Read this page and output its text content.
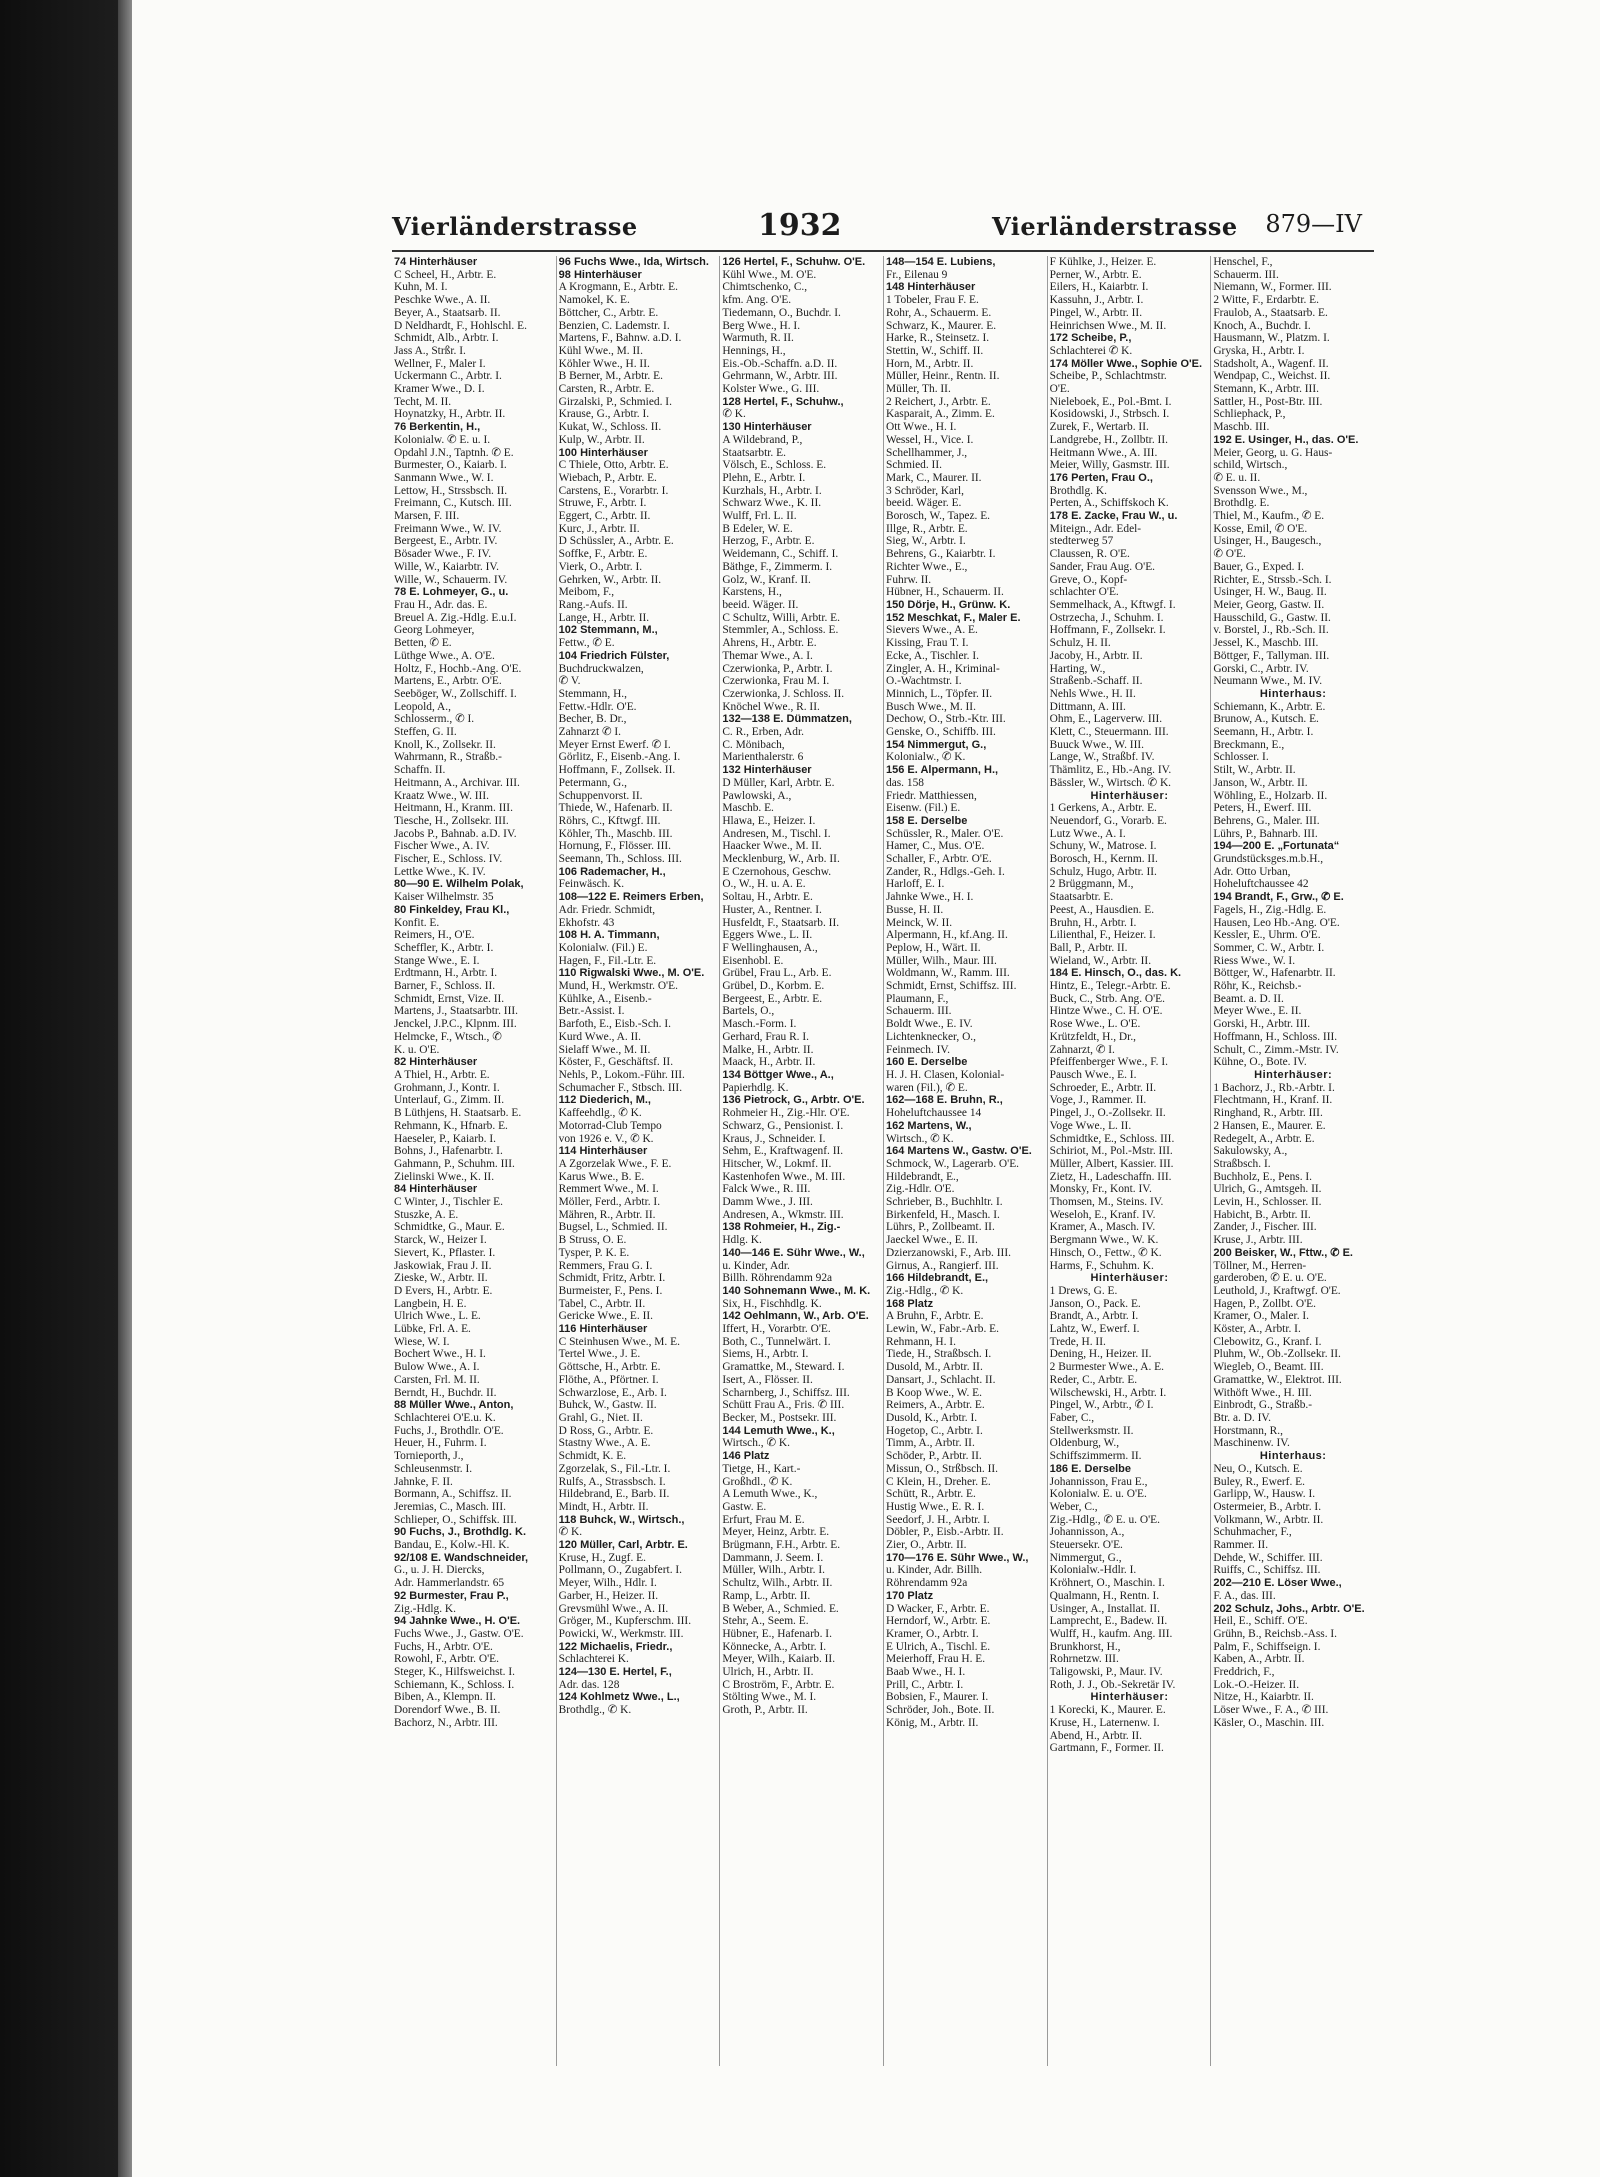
Vierländerstrasse	1932	Vierländerstrasse 879—IV
74 Hinterhäuser
C Scheel, H., Arbtr. E.
Kuhn, M. I.
Peschke Wwe., A. II.
Beyer, A., Staatsarb. II.
D Neldhardt, F., Hohlschl. E.
Schmidt, Alb., Arbtr. I.
Jass A., Strßr. I.
Wellner, F., Maler I.
Uckermann C., Arbtr. I.
Kramer Wwe., D. I.
Techt, M. II.
Hoynatzky, H., Arbtr. II.
76 Berkentin, H.,
Kolonialw. ✆ E. u. I.
Opdahl J.N., Taptnh. ✆ E.
Burmester, O., Kaiarb. I.
Sanmann Wwe., W. I.
Lettow, H., Strssbsch. II.
Freimann, C., Kutsch. III.
Marsen, F. III.
Freimann Wwe., W. IV.
Bergeest, E., Arbtr. IV.
Bösader Wwe., F. IV.
Wille, W., Kaiarbtr. IV.
Wille, W., Schauerm. IV.
78 E. Lohmeyer, G., u.
Frau H., Adr. das. E.
Breuel A. Zig.-Hdlg. E.u.I.
Georg Lohmeyer,
Betten, ✆ E.
Lüthge Wwe., A. O'E.
Holtz, F., Hochb.-Ang. O'E.
Martens, E., Arbtr. O'E.
Seeböger, W., Zollschiff. I.
Leopold, A.,
Schlosserm., ✆ I.
Steffen, G. II.
Knoll, K., Zollsekr. II.
Wahrmann, R., Straßb.-
Schaffn. II.
Heitmann, A., Archivar. III.
Kraatz Wwe., W. III.
Heitmann, H., Kranm. III.
Tiesche, H., Zollsekr. III.
Jacobs P., Bahnab. a.D. IV.
Fischer Wwe., A. IV.
Fischer, E., Schloss. IV.
Lettke Wwe., K. IV.
80—90 E. Wilhelm Polak,
Kaiser Wilhelmstr. 35
80 Finkeldey, Frau Kl.,
Konfit. E.
Reimers, H., O'E.
Scheffler, K., Arbtr. I.
Stange Wwe., E. I.
Erdtmann, H., Arbtr. I.
Barner, F., Schloss. II.
Schmidt, Ernst, Vize. II.
Martens, J., Staatsarbtr. III.
Jenckel, J.P.C., Klpnm. III.
Helmcke, F., Wtsch., ✆
K. u. O'E.
82 Hinterhäuser
A Thiel, H., Arbtr. E.
Grohmann, J., Kontr. I.
Unterlauf, G., Zimm. II.
B Lüthjens, H. Staatsarb. E.
Rehmann, K., Hfnarb. E.
Haeseler, P., Kaiarb. I.
Bohns, J., Hafenarbtr. I.
Gahmann, P., Schuhm. III.
Zielinski Wwe., K. II.
84 Hinterhäuser
C Winter, J., Tischler E.
Stuszke, A. E.
Schmidtke, G., Maur. E.
Starck, W., Heizer I.
Sievert, K., Pflaster. I.
Jaskowiak, Frau J. II.
Zieske, W., Arbtr. II.
D Evers, H., Arbtr. E.
Langbein, H. E.
Ulrich Wwe., L. E.
Lübke, Frl. A. E.
Wiese, W. I.
Bochert Wwe., H. I.
Bulow Wwe., A. I.
Carsten, Frl. M. II.
Berndt, H., Buchdr. II.
88 Müller Wwe., Anton,
Schlachterei O'E.u. K.
Fuchs, J., Brothdlr. O'E.
Heuer, H., Fuhrm. I.
Tornieporth, J.,
Schleusenmstr. I.
Jahnke, F. II.
Bormann, A., Schiffsz. II.
Jeremias, C., Masch. III.
Schlieper, O., Schiffsk. III.
90 Fuchs, J., Brothdlg. K.
Bandau, E., Kolw.-Hl. K.
92/108 E. Wandschneider,
G., u. J. H. Diercks,
Adr. Hammerlandstr. 65
92 Burmester, Frau P.,
Zig.-Hdlg. K.
94 Jahnke Wwe., H. O'E.
Fuchs Wwe., J., Gastw. O'E.
Fuchs, H., Arbtr. O'E.
Rowohl, F., Arbtr. O'E.
Steger, K., Hilfsweichst. I.
Schiemann, K., Schloss. I.
Biben, A., Klempn. II.
Dorendorf Wwe., B. II.
Bachorz, N., Arbtr. III.
96 Fuchs Wwe., Ida, Wirtsch.
98 Hinterhäuser
A Krogmann, E., Arbtr. E.
Namokel, K. E.
Böttcher, C., Arbtr. E.
Benzien, C. Lademstr. I.
Martens, F., Bahnw. a.D. I.
Kühl Wwe., M. II.
Köhler Wwe., H. II.
B Berner, M., Arbtr. E.
Carsten, R., Arbtr. E.
Girzalski, P., Schmied. I.
Krause, G., Arbtr. I.
Kukat, W., Schloss. II.
Kulp, W., Arbtr. II.
100 Hinterhäuser
C Thiele, Otto, Arbtr. E.
Wiebach, P., Arbtr. E.
Carstens, E., Vorarbtr. I.
Struwe, F., Arbtr. I.
Eggert, C., Arbtr. II.
Kurc, J., Arbtr. II.
D Schüssler, A., Arbtr. E.
Soffke, F., Arbtr. E.
Vierk, O., Arbtr. I.
Gehrken, W., Arbtr. II.
Meibom, F.,
Rang.-Aufs. II.
Lange, H., Arbtr. II.
102 Stemmann, M.,
Fettw., ✆ E.
104 Friedrich Fülster,
Buchdruckwalzen,
✆ V.
Stemmann, H.,
Fettw.-Hdlr. O'E.
Becher, B. Dr.,
Zahnarzt ✆ I.
Meyer Ernst Ewerf. ✆ I.
Görlitz, F., Eisenb.-Ang. I.
Hoffmann, F., Zollsek. II.
Petermann, G.,
Schuppenvorst. II.
Thiede, W., Hafenarb. II.
Röhrs, C., Kftwgf. III.
Köhler, Th., Maschb. III.
Hornung, F., Flösser. III.
Seemann, Th., Schloss. III.
106 Rademacher, H.,
Feinwäsch. K.
108—122 E. Reimers Erben,
Adr. Friedr. Schmidt,
Ekhofstr. 43
108 H. A. Timmann,
Kolonialw. (Fil.) E.
Hagen, F., Fil.-Ltr. E.
110 Rigwalski Wwe., M. O'E.
Mund, H., Werkmstr. O'E.
Kühlke, A., Eisenb.-
Betr.-Assist. I.
Barfoth, E., Eisb.-Sch. I.
Kurd Wwe., A. II.
Sielaff Wwe., M. II.
Köster, F., Geschäftsf. II.
Nehls, P., Lokom.-Führ. III.
Schumacher F., Stbsch. III.
112 Diederich, M.,
Kaffeehdlg., ✆ K.
Motorrad-Club Tempo
von 1926 e. V., ✆ K.
114 Hinterhäuser
A Zgorzelak Wwe., F. E.
Karus Wwe., B. E.
Remmert Wwe., M. I.
Möller, Ferd., Arbtr. I.
Mähren, R., Arbtr. II.
Bugsel, L., Schmied. II.
B Struss, O. E.
Tysper, P. K. E.
Remmers, Frau G. I.
Schmidt, Fritz, Arbtr. I.
Burmeister, F., Pens. I.
Tabel, C., Arbtr. II.
Gericke Wwe., E. II.
116 Hinterhäuser
C Steinhusen Wwe., M. E.
Tertel Wwe., J. E.
Göttsche, H., Arbtr. E.
Flöthe, A., Pförtner. I.
Schwarzlose, E., Arb. I.
Buhck, W., Gastw. II.
Grahl, G., Niet. II.
D Ross, G., Arbtr. E.
Stastny Wwe., A. E.
Schmidt, K. E.
Zgorzelak, S., Fil.-Ltr. I.
Rulfs, A., Strassbsch. I.
Hildebrand, E., Barb. II.
Mindt, H., Arbtr. II.
118 Buhck, W., Wirtsch.,
✆ K.
120 Müller, Carl, Arbtr. E.
Kruse, H., Zugf. E.
Pollmann, O., Zugabfert. I.
Meyer, Wilh., Hdlr. I.
Garber, H., Heizer. II.
Grevsmühl Wwe., A. II.
Gröger, M., Kupferschm. III.
Powicki, W., Werkmstr. III.
122 Michaelis, Friedr.,
Schlachterei K.
124—130 E. Hertel, F.,
Adr. das. 128
124 Kohlmetz Wwe., L.,
Brothdlg., ✆ K.
126 Hertel, F., Schuhw. O'E.
Kühl Wwe., M. O'E.
Chimtschenko, C.,
kfm. Ang. O'E.
Tiedemann, O., Buchdr. I.
Berg Wwe., H. I.
Warmuth, R. II.
Hennings, H.,
Eis.-Ob.-Schaffn. a.D. II.
Gehrmann, W., Arbtr. III.
Kolster Wwe., G. III.
128 Hertel, F., Schuhw.,
✆ K.
130 Hinterhäuser
A Wildebrand, P.,
Staatsarbtr. E.
Völsch, E., Schloss. E.
Plehn, E., Arbtr. I.
Kurzhals, H., Arbtr. I.
Schwarz Wwe., K. II.
Wulff, Frl. L. II.
B Edeler, W. E.
Herzog, F., Arbtr. E.
Weidemann, C., Schiff. I.
Bäthge, F., Zimmerm. I.
Golz, W., Kranf. II.
Karstens, H.,
beeid. Wäger. II.
C Schultz, Willi, Arbtr. E.
Stemmler, A., Schloss. E.
Ahrens, H., Arbtr. E.
Themar Wwe., A. I.
Czerwionka, P., Arbtr. I.
Czerwionka, Frau M. I.
Czerwionka, J. Schloss. II.
Knöchel Wwe., R. II.
132—138 E. Dümmatzen,
C. R., Erben, Adr.
C. Mönibach,
Marienthalerstr. 6
132 Hinterhäuser
D Müller, Karl, Arbtr. E.
Pawlowski, A.,
Maschb. E.
Hlawa, E., Heizer. I.
Andresen, M., Tischl. I.
Haacker Wwe., M. II.
Mecklenburg, W., Arb. II.
E Czernohous, Geschw.
O., W., H. u. A. E.
Soltau, H., Arbtr. E.
Huster, A., Rentner. I.
Husfeldt, F., Staatsarb. II.
Eggers Wwe., L. II.
F Wellinghausen, A.,
Eisenhobl. E.
Grübel, Frau L., Arb. E.
Grübel, D., Korbm. E.
Bergeest, E., Arbtr. E.
Bartels, O.,
Masch.-Form. I.
Gerhard, Frau R. I.
Malke, H., Arbtr. II.
Maack, H., Arbtr. II.
134 Böttger Wwe., A.,
Papierhdlg. K.
136 Pietrock, G., Arbtr. O'E.
Rohmeier H., Zig.-Hlr. O'E.
Schwarz, G., Pensionist. I.
Kraus, J., Schneider. I.
Sehm, E., Kraftwagenf. II.
Hitscher, W., Lokmf. II.
Kastenhofen Wwe., M. III.
Falck Wwe., R. III.
Damm Wwe., J. III.
Andresen, A., Wkmstr. III.
138 Rohmeier, H., Zig.-
Hdlg. K.
140—146 E. Sühr Wwe., W.,
u. Kinder, Adr.
Billh. Röhrendamm 92a
140 Sohnemann Wwe., M. K.
Six, H., Fischhdlg. K.
142 Oehlmann, W., Arb. O'E.
Iffert, H., Vorarbtr. O'E.
Both, C., Tunnelwärt. I.
Siems, H., Arbtr. I.
Gramattke, M., Steward. I.
Isert, A., Flösser. II.
Scharnberg, J., Schiffsz. III.
Schütt Frau A., Fris. ✆ III.
Becker, M., Postsekr. III.
144 Lemuth Wwe., K.,
Wirtsch., ✆ K.
146 Platz
Tietge, H., Kart.-
Großhdl., ✆ K.
A Lemuth Wwe., K.,
Gastw. E.
Erfurt, Frau M. E.
Meyer, Heinz, Arbtr. E.
Brügmann, F.H., Arbtr. E.
Dammann, J. Seem. I.
Müller, Wilh., Arbtr. I.
Schultz, Wilh., Arbtr. II.
Ramp, L., Arbtr. II.
B Weber, A., Schmied. E.
Stehr, A., Seem. E.
Hübner, E., Hafenarb. I.
Könnecke, A., Arbtr. I.
Meyer, Wilh., Kaiarb. II.
Ulrich, H., Arbtr. II.
C Broström, F., Arbtr. E.
Stölting Wwe., M. I.
Groth, P., Arbtr. II.
148—154 E. Lubiens,
Fr., Eilenau 9
148 Hinterhäuser
1 Tobeler, Frau F. E.
Rohr, A., Schauerm. E.
Schwarz, K., Maurer. E.
Harke, R., Steinsetz. I.
Stettin, W., Schiff. II.
Horn, M., Arbtr. II.
Müller, Heinr., Rentn. II.
Müller, Th. II.
2 Reichert, J., Arbtr. E.
Kasparait, A., Zimm. E.
Ott Wwe., H. I.
Wessel, H., Vice. I.
Schellhammer, J.,
Schmied. II.
Mark, C., Maurer. II.
3 Schröder, Karl,
beeid. Wäger. E.
Borosch, W., Tapez. E.
Illge, R., Arbtr. E.
Sieg, W., Arbtr. I.
Behrens, G., Kaiarbtr. I.
Richter Wwe., E.,
Fuhrw. II.
Hübner, H., Schauerm. II.
150 Dörje, H., Grünw. K.
152 Meschkat, F., Maler E.
Sievers Wwe., A. E.
Kissing, Frau T. I.
Ecke, A., Tischler. I.
Zingler, A. H., Kriminal-
O.-Wachtmstr. I.
Minnich, L., Töpfer. II.
Busch Wwe., M. II.
Dechow, O., Strb.-Ktr. III.
Genske, O., Schiffb. III.
154 Nimmergut, G.,
Kolonialw., ✆ K.
156 E. Alpermann, H.,
das. 158
Friedr. Matthiessen,
Eisenw. (Fil.) E.
158 E. Derselbe
Schüssler, R., Maler. O'E.
Hamer, C., Mus. O'E.
Schaller, F., Arbtr. O'E.
Zander, R., Hdlgs.-Geh. I.
Harloff, E. I.
Jahnke Wwe., H. I.
Busse, H. II.
Meinck, W. II.
Alpermann, H., kf.Ang. II.
Peplow, H., Wärt. II.
Müller, Wilh., Maur. III.
Woldmann, W., Ramm. III.
Schmidt, Ernst, Schiffsz. III.
Plaumann, F.,
Schauerm. III.
Boldt Wwe., E. IV.
Lichtenknecker, O.,
Feinmech. IV.
160 E. Derselbe
H. J. H. Clasen, Kolonial-
waren (Fil.), ✆ E.
162—168 E. Bruhn, R.,
Hoheluftchaussee 14
162 Martens, W.,
Wirtsch., ✆ K.
164 Martens W., Gastw. O'E.
Schmock, W., Lagerarb. O'E.
Hildebrandt, E.,
Zig.-Hdlr. O'E.
Schrieber, B., Buchhltr. I.
Birkenfeld, H., Masch. I.
Lührs, P., Zollbeamt. II.
Jaeckel Wwe., E. II.
Dzierzanowski, F., Arb. III.
Girnus, A., Rangierf. III.
166 Hildebrandt, E.,
Zig.-Hdlg., ✆ K.
168 Platz
A Bruhn, F., Arbtr. E.
Lewin, W., Fabr.-Arb. E.
Rehmann, H. I.
Tiede, H., Straßbsch. I.
Dusold, M., Arbtr. II.
Dansart, J., Schlacht. II.
B Koop Wwe., W. E.
Reimers, A., Arbtr. E.
Dusold, K., Arbtr. I.
Hogetop, C., Arbtr. I.
Timm, A., Arbtr. II.
Schöder, P., Arbtr. II.
Missun, O., Strßbsch. II.
C Klein, H., Dreher. E.
Schütt, R., Arbtr. E.
Hustig Wwe., E. R. I.
Seedorf, J. H., Arbtr. I.
Döbler, P., Eisb.-Arbtr. II.
Zier, O., Arbtr. II.
170—176 E. Sühr Wwe., W.,
u. Kinder, Adr. Billh.
Röhrendamm 92a
170 Platz
D Wacker, F., Arbtr. E.
Herndorf, W., Arbtr. E.
Kramer, O., Arbtr. I.
E Ulrich, A., Tischl. E.
Meierhoff, Frau H. E.
Baab Wwe., H. I.
Prill, C., Arbtr. I.
Bobsien, F., Maurer. I.
Schröder, Joh., Bote. II.
König, M., Arbtr. II.
F Kühlke, J., Heizer. E.
Perner, W., Arbtr. E.
Eilers, H., Kaiarbtr. I.
Kassuhn, J., Arbtr. I.
Pingel, W., Arbtr. II.
Heinrichsen Wwe., M. II.
172 Scheibe, P.,
Schlachterei ✆ K.
174 Möller Wwe., Sophie O'E.
Scheibe, P., Schlachtmstr.
O'E.
Nieleboek, E., Pol.-Bmt. I.
Kosidowski, J., Strbsch. I.
Zurek, F., Wertarb. II.
Landgrebe, H., Zollbtr. II.
Heitmann Wwe., A. III.
Meier, Willy, Gasmstr. III.
176 Perten, Frau O.,
Brothdlg. K.
Perten, A., Schiffskoch K.
178 E. Zacke, Frau W., u.
Miteign., Adr. Edel-
stedterweg 57
Claussen, R. O'E.
Sander, Frau Aug. O'E.
Greve, O., Kopf-
schlachter O'E.
Semmelhack, A., Kftwgf. I.
Ostrzecha, J., Schuhm. I.
Hoffmann, F., Zollsekr. I.
Schulz, H. II.
Jacoby, H., Arbtr. II.
Harting, W.,
Straßenb.-Schaff. II.
Nehls Wwe., H. II.
Dittmann, A. III.
Ohm, E., Lagerverw. III.
Klett, C., Steuermann. III.
Buuck Wwe., W. III.
Lange, W., Straßbf. IV.
Thämlitz, E., Hb.-Ang. IV.
Bässler, W., Wirtsch. ✆ K.
Hinterhäuser:
1 Gerkens, A., Arbtr. E.
Neuendorf, G., Vorarb. E.
Lutz Wwe., A. I.
Schuny, W., Matrose. I.
Borosch, H., Kernm. II.
Schulz, Hugo, Arbtr. II.
2 Brüggmann, M.,
Staatsarbtr. E.
Peest, A., Hausdien. E.
Bruhn, H., Arbtr. I.
Lilienthal, F., Heizer. I.
Ball, P., Arbtr. II.
Wieland, W., Arbtr. II.
184 E. Hinsch, O., das. K.
Hintz, E., Telegr.-Arbtr. E.
Buck, C., Strb. Ang. O'E.
Hintze Wwe., C. H. O'E.
Rose Wwe., L. O'E.
Krützfeldt, H., Dr.,
Zahnarzt, ✆ I.
Pfeiffenberger Wwe., F. I.
Pausch Wwe., E. I.
Schroeder, E., Arbtr. II.
Voge, J., Rammer. II.
Pingel, J., O.-Zollsekr. II.
Voge Wwe., L. II.
Schmidtke, E., Schloss. III.
Schiriot, M., Pol.-Mstr. III.
Müller, Albert, Kassier. III.
Zietz, H., Ladeschaffn. III.
Monsky, Fr., Kont. IV.
Thomsen, M., Steins. IV.
Weseloh, E., Kranf. IV.
Kramer, A., Masch. IV.
Bergmann Wwe., W. K.
Hinsch, O., Fettw., ✆ K.
Harms, F., Schuhm. K.
Hinterhäuser:
1 Drews, G. E.
Janson, O., Pack. E.
Brandt, A., Arbtr. I.
Lahtz, W., Ewerf. I.
Trede, H. II.
Dening, H., Heizer. II.
2 Burmester Wwe., A. E.
Reder, C., Arbtr. E.
Wilschewski, H., Arbtr. I.
Pingel, W., Arbtr., ✆ I.
Faber, C.,
Stellwerksmstr. II.
Oldenburg, W.,
Schiffszimmerm. II.
186 E. Derselbe
Johannisson, Frau E.,
Kolonialw. E. u. O'E.
Weber, C.,
Zig.-Hdlg., ✆ E. u. O'E.
Johannisson, A.,
Steuersekr. O'E.
Nimmergut, G.,
Kolonialw.-Hdlr. I.
Kröhnert, O., Maschin. I.
Qualmann, H., Rentn. I.
Usinger, A., Installat. II.
Lamprecht, E., Badew. II.
Wulff, H., kaufm. Ang. III.
Brunkhorst, H.,
Rohrnetzw. III.
Taligowski, P., Maur. IV.
Roth, J. J., Ob.-Sekretär IV.
Hinterhäuser:
1 Korecki, K., Maurer. E.
Kruse, H., Laternenw. I.
Abend, H., Arbtr. II.
Gartmann, F., Former. II.
Henschel, F.,
Schauerm. III.
Niemann, W., Former. III.
2 Witte, F., Erdarbtr. E.
Fraulob, A., Staatsarb. E.
Knoch, A., Buchdr. I.
Hausmann, W., Platzm. I.
Gryska, H., Arbtr. I.
Stadsholt, A., Wagenf. II.
Wendpap, C., Weichst. II.
Stemann, K., Arbtr. III.
Sattler, H., Post-Btr. III.
Schliephack, P.,
Maschb. III.
192 E. Usinger, H., das. O'E.
Meier, Georg, u. G. Haus-
schild, Wirtsch.,
✆ E. u. II.
Svensson Wwe., M.,
Brothdlg. E.
Thiel, M., Kaufm., ✆ E.
Kosse, Emil, ✆ O'E.
Usinger, H., Baugesch.,
✆ O'E.
Bauer, G., Exped. I.
Richter, E., Strssb.-Sch. I.
Usinger, H. W., Baug. II.
Meier, Georg, Gastw. II.
Hausschild, G., Gastw. II.
v. Borstel, J., Rb.-Sch. II.
Jessel, K., Maschb. III.
Böttger, F., Tallyman. III.
Gorski, C., Arbtr. IV.
Neumann Wwe., M. IV.
Hinterhaus:
Schiemann, K., Arbtr. E.
Brunow, A., Kutsch. E.
Seemann, H., Arbtr. I.
Breckmann, E.,
Schlosser. I.
Stilt, W., Arbtr. II.
Janson, W., Arbtr. II.
Wöhling, E., Holzarb. II.
Peters, H., Ewerf. III.
Behrens, G., Maler. III.
Lührs, P., Bahnarb. III.
194—200 E. „Fortunata“
Grundstücksges.m.b.H.,
Adr. Otto Urban,
Hoheluftchaussee 42
194 Brandt, F., Grw., ✆ E.
Fagels, H., Zig.-Hdlg. E.
Hausen, Leo Hb.-Ang. O'E.
Kessler, E., Uhrm. O'E.
Sommer, C. W., Arbtr. I.
Riess Wwe., W. I.
Böttger, W., Hafenarbtr. II.
Röhr, K., Reichsb.-
Beamt. a. D. II.
Meyer Wwe., E. II.
Gorski, H., Arbtr. III.
Hoffmann, H., Schloss. III.
Schult, C., Zimm.-Mstr. IV.
Kühne, O., Bote. IV.
Hinterhäuser:
1 Bachorz, J., Rb.-Arbtr. I.
Flechtmann, H., Kranf. II.
Ringhand, R., Arbtr. III.
2 Hansen, E., Maurer. E.
Redegelt, A., Arbtr. E.
Sakulowsky, A.,
Straßbsch. I.
Buchholz, E., Pens. I.
Ulrich, G., Amtsgeh. II.
Levin, H., Schlosser. II.
Habicht, B., Arbtr. II.
Zander, J., Fischer. III.
Kruse, J., Arbtr. III.
200 Beisker, W., Fttw., ✆ E.
Töllner, M., Herren-
garderoben, ✆ E. u. O'E.
Leuthold, J., Kraftwgf. O'E.
Hagen, P., Zollbt. O'E.
Kramer, O., Maler. I.
Köster, A., Arbtr. I.
Clebowitz, G., Kranf. I.
Pluhm, W., Ob.-Zollsekr. II.
Wiegleb, O., Beamt. III.
Gramattke, W., Elektrot. III.
Withöft Wwe., H. III.
Einbrodt, G., Straßb.-
Btr. a. D. IV.
Horstmann, R.,
Maschinenw. IV.
Hinterhaus:
Neu, O., Kutsch. E.
Buley, R., Ewerf. E.
Garlipp, W., Hausw. I.
Ostermeier, B., Arbtr. I.
Volkmann, W., Arbtr. II.
Schuhmacher, F.,
Rammer. II.
Dehde, W., Schiffer. III.
Ruiffs, C., Schiffsz. III.
202—210 E. Löser Wwe.,
F. A., das. III.
202 Schulz, Johs., Arbtr. O'E.
Heil, E., Schiff. O'E.
Grühn, B., Reichsb.-Ass. I.
Palm, F., Schiffseign. I.
Kaben, A., Arbtr. II.
Freddrich, F.,
Lok.-O.-Heizer. II.
Nitze, H., Kaiarbtr. II.
Löser Wwe., F. A., ✆ III.
Käsler, O., Maschin. III.
